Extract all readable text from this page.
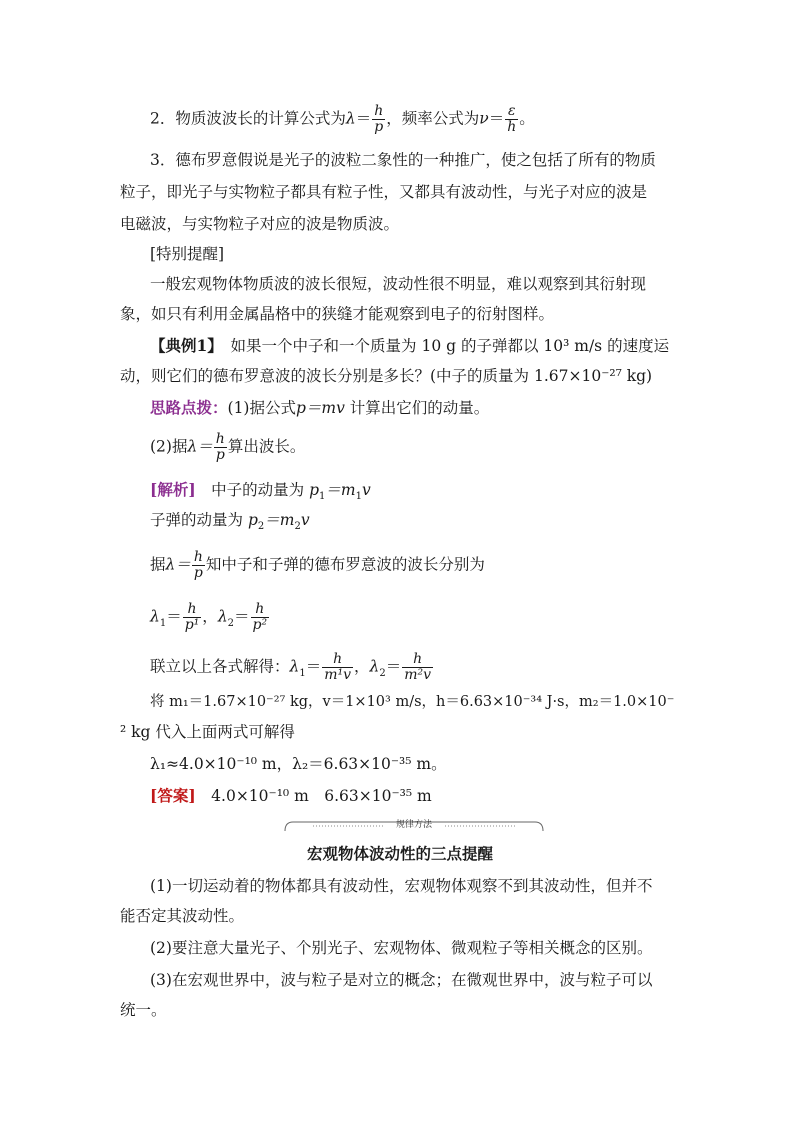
2．物质波波长的计算公式为$\lambda= \frac{h}{p}$ ，频率公式为$\nu= \frac{\varepsilon}{h}$ 。
3．德布罗意假说是光子的波粒二象性的一种推广，使之包括了所有的物质
粒子，即光子与实物粒子都具有粒子性，又都具有波动性，与光子对应的波是
电磁波，与实物粒子对应的波是物质波。
[特别提醒]
一般宏观物体物质波的波长很短，波动性很不明显，难以观察到其衍射现
象，如只有利用金属晶格中的狭缝才能观察到电子的衍射图样。
【典例1】　如果一个中子和一个质量为 10 g 的子弹都以 10³ m/s 的速度运
动，则它们的德布罗意波的波长分别是多长？(中子的质量为 1.67×10⁻²⁷ kg)
思路点拨：(1)据公式p＝mv 计算出它们的动量。
(2)据$\lambda= \frac{h}{p}$ 算出波长。
[解析]　中子的动量为 $p_1=m_1v$
子弹的动量为 $p_2=m_2v$
据$\lambda= \frac{h}{p}$ 知中子和子弹的德布罗意波的波长分别为
$\lambda_1= \frac{h}{\text{p¹}}$ ，$\lambda_2= \frac{h}{\text{p²}}$
联立以上各式解得：$\lambda_1= \frac{h}{\text{m¹v}}$ ，$\lambda_2= \frac{h}{\text{m²v}}$
将 m₁＝1.67×10⁻²⁷ kg，v＝1×10³ m/s，h＝6.63×10⁻³⁴ J·s，m₂＝1.0×10⁻
² kg 代入上面两式可解得
λ₁≈4.0×10⁻¹⁰ m，λ₂＝6.63×10⁻³⁵ m。
[答案]　4.0×10⁻¹⁰ m　6.63×10⁻³⁵ m
规律方法
宏观物体波动性的三点提醒
(1)一切运动着的物体都具有波动性，宏观物体观察不到其波动性，但并不
能否定其波动性。
(2)要注意大量光子、个别光子、宏观物体、微观粒子等相关概念的区别。
(3)在宏观世界中，波与粒子是对立的概念；在微观世界中，波与粒子可以
统一。
